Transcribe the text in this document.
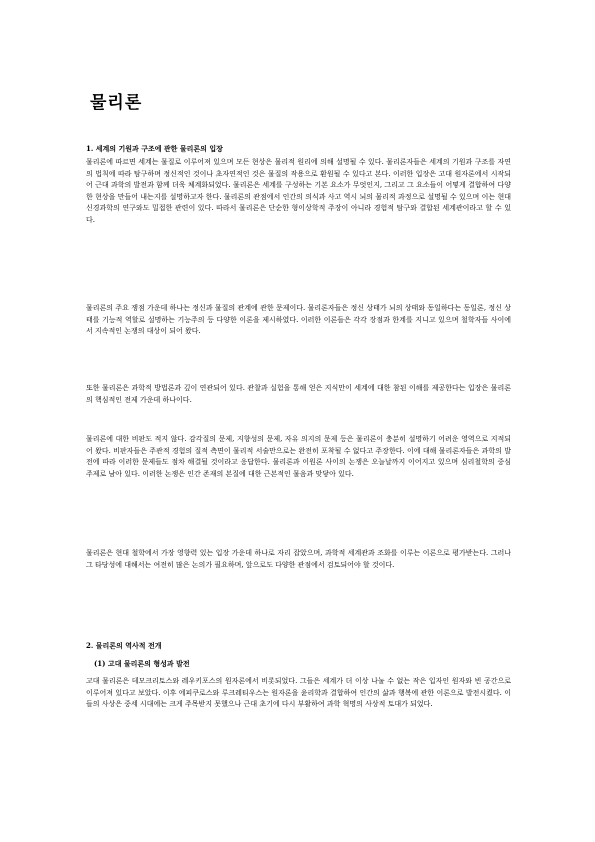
물리론
1. 세계의 기원과 구조에 관한 물리론의 입장
물리론에 따르면 세계는 물질로 이루어져 있으며 모든 현상은 물리적 원리에 의해 설명될 수 있다. 물리론자들은 세계의 기원과 구조를 자연의 법칙에 따라 탐구하며 정신적인 것이나 초자연적인 것은 물질의 작용으로 환원될 수 있다고 본다. 이러한 입장은 고대 원자론에서 시작되어 근대 과학의 발전과 함께 더욱 체계화되었다. 물리론은 세계를 구성하는 기본 요소가 무엇인지, 그리고 그 요소들이 어떻게 결합하여 다양한 현상을 만들어 내는지를 설명하고자 한다. 물리론의 관점에서 인간의 의식과 사고 역시 뇌의 물리적 과정으로 설명될 수 있으며 이는 현대 신경과학의 연구와도 밀접한 관련이 있다. 따라서 물리론은 단순한 형이상학적 주장이 아니라 경험적 탐구와 결합된 세계관이라고 할 수 있다.
물리론의 주요 쟁점 가운데 하나는 정신과 물질의 관계에 관한 문제이다. 물리론자들은 정신 상태가 뇌의 상태와 동일하다는 동일론, 정신 상태를 기능적 역할로 설명하는 기능주의 등 다양한 이론을 제시하였다. 이러한 이론들은 각각 장점과 한계를 지니고 있으며 철학자들 사이에서 지속적인 논쟁의 대상이 되어 왔다.
또한 물리론은 과학적 방법론과 깊이 연관되어 있다. 관찰과 실험을 통해 얻은 지식만이 세계에 대한 참된 이해를 제공한다는 입장은 물리론의 핵심적인 전제 가운데 하나이다.
물리론에 대한 비판도 적지 않다. 감각질의 문제, 지향성의 문제, 자유 의지의 문제 등은 물리론이 충분히 설명하기 어려운 영역으로 지적되어 왔다. 비판자들은 주관적 경험의 질적 측면이 물리적 서술만으로는 완전히 포착될 수 없다고 주장한다. 이에 대해 물리론자들은 과학의 발전에 따라 이러한 문제들도 점차 해결될 것이라고 응답한다. 물리론과 이원론 사이의 논쟁은 오늘날까지 이어지고 있으며 심리철학의 중심 주제로 남아 있다. 이러한 논쟁은 인간 존재의 본질에 대한 근본적인 물음과 맞닿아 있다.
물리론은 현대 철학에서 가장 영향력 있는 입장 가운데 하나로 자리 잡았으며, 과학적 세계관과 조화를 이루는 이론으로 평가받는다. 그러나 그 타당성에 대해서는 여전히 많은 논의가 필요하며, 앞으로도 다양한 관점에서 검토되어야 할 것이다.
2. 물리론의 역사적 전개
(1) 고대 물리론의 형성과 발전
고대 물리론은 데모크리토스와 레우키포스의 원자론에서 비롯되었다. 그들은 세계가 더 이상 나눌 수 없는 작은 입자인 원자와 빈 공간으로 이루어져 있다고 보았다. 이후 에피쿠로스와 루크레티우스는 원자론을 윤리학과 결합하여 인간의 삶과 행복에 관한 이론으로 발전시켰다. 이들의 사상은 중세 시대에는 크게 주목받지 못했으나 근대 초기에 다시 부활하여 과학 혁명의 사상적 토대가 되었다.
